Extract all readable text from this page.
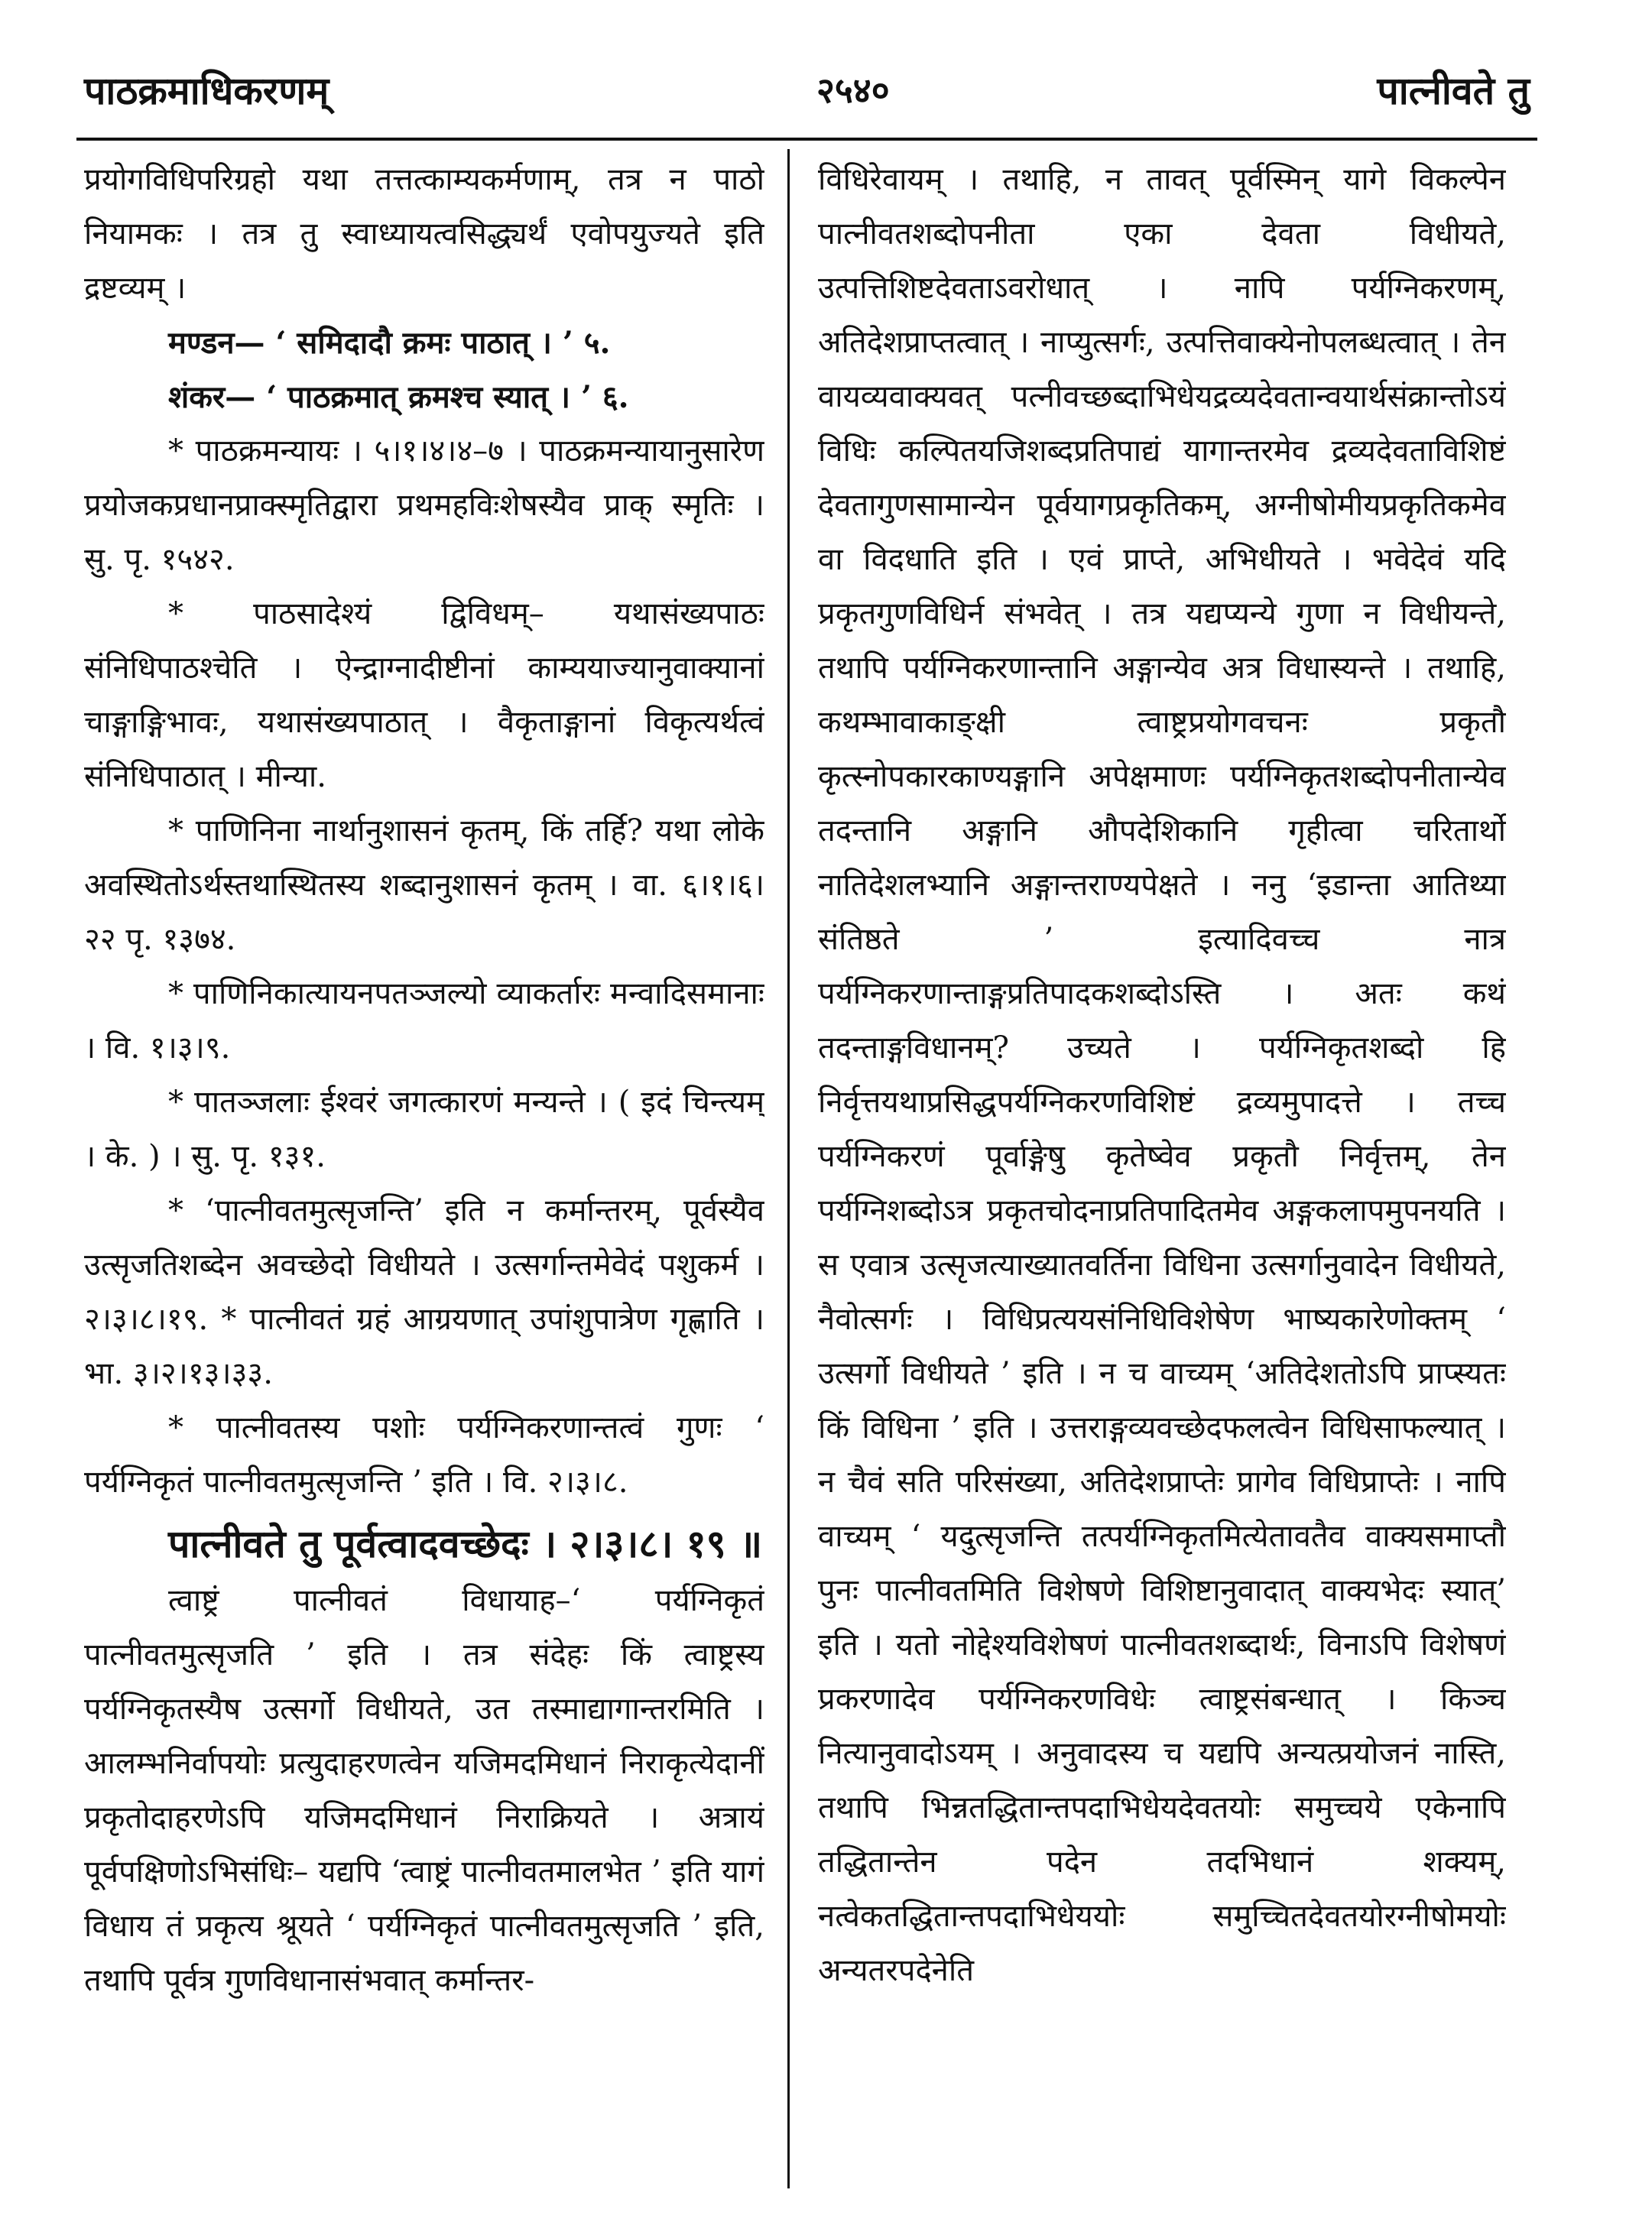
पाठक्रमाधिकरणम्	२५४०	पात्नीवते तु

प्रयोगविधिपरिग्रहो यथा तत्तत्काम्यकर्मणाम्, तत्र न पाठो नियामकः । तत्र तु स्वाध्यायत्वसिद्ध्यर्थं एवोपयुज्यते इति द्रष्टव्यम् ।

मण्डन— ‘ समिदादौ क्रमः पाठात् । ’ ५.

शंकर— ‘ पाठक्रमात् क्रमश्च स्यात् । ’ ६.

* पाठक्रमन्यायः । ५।१।४।४–७ । पाठक्रमन्यायानुसारेण प्रयोजकप्रधानप्राक्स्मृतिद्वारा प्रथमहविःशेषस्यैव प्राक् स्मृतिः । सु. पृ. १५४२.

* पाठसादेश्यं द्विविधम्– यथासंख्यपाठः संनिधिपाठश्चेति । ऐन्द्राग्नादीष्टीनां काम्ययाज्यानुवाक्यानां चाङ्गाङ्गिभावः, यथासंख्यपाठात् । वैकृताङ्गानां विकृत्यर्थत्वं संनिधिपाठात् । मीन्या.

* पाणिनिना नार्थानुशासनं कृतम्, किं तर्हि? यथा लोके अवस्थितोऽर्थस्तथास्थितस्य शब्दानुशासनं कृतम् । वा. ६।१।६।२२ पृ. १३७४.

* पाणिनिकात्यायनपतञ्जल्यो व्याकर्तारः मन्वादिसमानाः । वि. १।३।९.

* पातञ्जलाः ईश्वरं जगत्कारणं मन्यन्ते । ( इदं चिन्त्यम् । के. ) । सु. पृ. १३१.

* ‘पात्नीवतमुत्सृजन्ति’ इति न कर्मान्तरम्, पूर्वस्यैव उत्सृजतिशब्देन अवच्छेदो विधीयते । उत्सर्गान्तमेवेदं पशुकर्म । २।३।८।१९. * पात्नीवतं ग्रहं आग्रयणात् उपांशुपात्रेण गृह्णाति । भा. ३।२।१३।३३.

* पात्नीवतस्य पशोः पर्यग्निकरणान्तत्वं गुणः ‘ पर्यग्निकृतं पात्नीवतमुत्सृजन्ति ’ इति । वि. २।३।८.

पात्नीवते तु पूर्वत्वादवच्छेदः । २।३।८। १९ ॥

त्वाष्ट्रं पात्नीवतं विधायाह–‘ पर्यग्निकृतं पात्नीवतमुत्सृजति ’ इति । तत्र संदेहः किं त्वाष्ट्रस्य पर्यग्निकृतस्यैष उत्सर्गो विधीयते, उत तस्माद्यागान्तरमिति । आलम्भनिर्वापयोः प्रत्युदाहरणत्वेन यजिमदमिधानं निराकृत्येदानीं प्रकृतोदाहरणेऽपि यजिमदमिधानं निराक्रियते । अत्रायं पूर्वपक्षिणोऽभिसंधिः– यद्यपि ‘त्वाष्ट्रं पात्नीवतमालभेत ’ इति यागं विधाय तं प्रकृत्य श्रूयते ‘ पर्यग्निकृतं पात्नीवतमुत्सृजति ’ इति, तथापि पूर्वत्र गुणविधानासंभवात् कर्मान्तर-

विधिरेवायम् । तथाहि, न तावत् पूर्वस्मिन् यागे विकल्पेन पात्नीवतशब्दोपनीता एका देवता विधीयते, उत्पत्तिशिष्टदेवताऽवरोधात् । नापि पर्यग्निकरणम्, अतिदेशप्राप्तत्वात् । नाप्युत्सर्गः, उत्पत्तिवाक्येनोपलब्धत्वात् । तेन वायव्यवाक्यवत् पत्नीवच्छब्दाभिधेयद्रव्यदेवतान्वयार्थसंक्रान्तोऽयं विधिः कल्पितयजिशब्दप्रतिपाद्यं यागान्तरमेव द्रव्यदेवताविशिष्टं देवतागुणसामान्येन पूर्वयागप्रकृतिकम्, अग्नीषोमीयप्रकृतिकमेव वा विदधाति इति । एवं प्राप्ते, अभिधीयते । भवेदेवं यदि प्रकृतगुणविधिर्न संभवेत् । तत्र यद्यप्यन्ये गुणा न विधीयन्ते, तथापि पर्यग्निकरणान्तानि अङ्गान्येव अत्र विधास्यन्ते । तथाहि, कथम्भावाकाङ्क्षी त्वाष्ट्रप्रयोगवचनः प्रकृतौ कृत्स्नोपकारकाण्यङ्गानि अपेक्षमाणः पर्यग्निकृतशब्दोपनीतान्येव तदन्तानि अङ्गानि औपदेशिकानि गृहीत्वा चरितार्थो नातिदेशलभ्यानि अङ्गान्तराण्यपेक्षते । ननु ‘इडान्ता आतिथ्या संतिष्ठते ’ इत्यादिवच्च नात्र पर्यग्निकरणान्ताङ्गप्रतिपादकशब्दोऽस्ति । अतः कथं तदन्ताङ्गविधानम्? उच्यते । पर्यग्निकृतशब्दो हि निर्वृत्तयथाप्रसिद्धपर्यग्निकरणविशिष्टं द्रव्यमुपादत्ते । तच्च पर्यग्निकरणं पूर्वाङ्गेषु कृतेष्वेव प्रकृतौ निर्वृत्तम्, तेन पर्यग्निशब्दोऽत्र प्रकृतचोदनाप्रतिपादितमेव अङ्गकलापमुपनयति । स एवात्र उत्सृजत्याख्यातवर्तिना विधिना उत्सर्गानुवादेन विधीयते, नैवोत्सर्गः । विधिप्रत्ययसंनिधिविशेषेण भाष्यकारेणोक्तम् ‘ उत्सर्गो विधीयते ’ इति । न च वाच्यम् ‘अतिदेशतोऽपि प्राप्स्यतः किं विधिना ’ इति । उत्तराङ्गव्यवच्छेदफलत्वेन विधिसाफल्यात् । न चैवं सति परिसंख्या, अतिदेशप्राप्तेः प्रागेव विधिप्राप्तेः । नापि वाच्यम् ‘ यदुत्सृजन्ति तत्पर्यग्निकृतमित्येतावतैव वाक्यसमाप्तौ पुनः पात्नीवतमिति विशेषणे विशिष्टानुवादात् वाक्यभेदः स्यात्’ इति । यतो नोद्देश्यविशेषणं पात्नीवतशब्दार्थः, विनाऽपि विशेषणं प्रकरणादेव पर्यग्निकरणविधेः त्वाष्ट्रसंबन्धात् । किञ्च नित्यानुवादोऽयम् । अनुवादस्य च यद्यपि अन्यत्प्रयोजनं नास्ति, तथापि भिन्नतद्धितान्तपदाभिधेयदेवतयोः समुच्चये एकेनापि तद्धितान्तेन पदेन तदभिधानं शक्यम्, नत्वेकतद्धितान्तपदाभिधेययोः समुच्चितदेवतयोरग्नीषोमयोः अन्यतरपदेनेति
